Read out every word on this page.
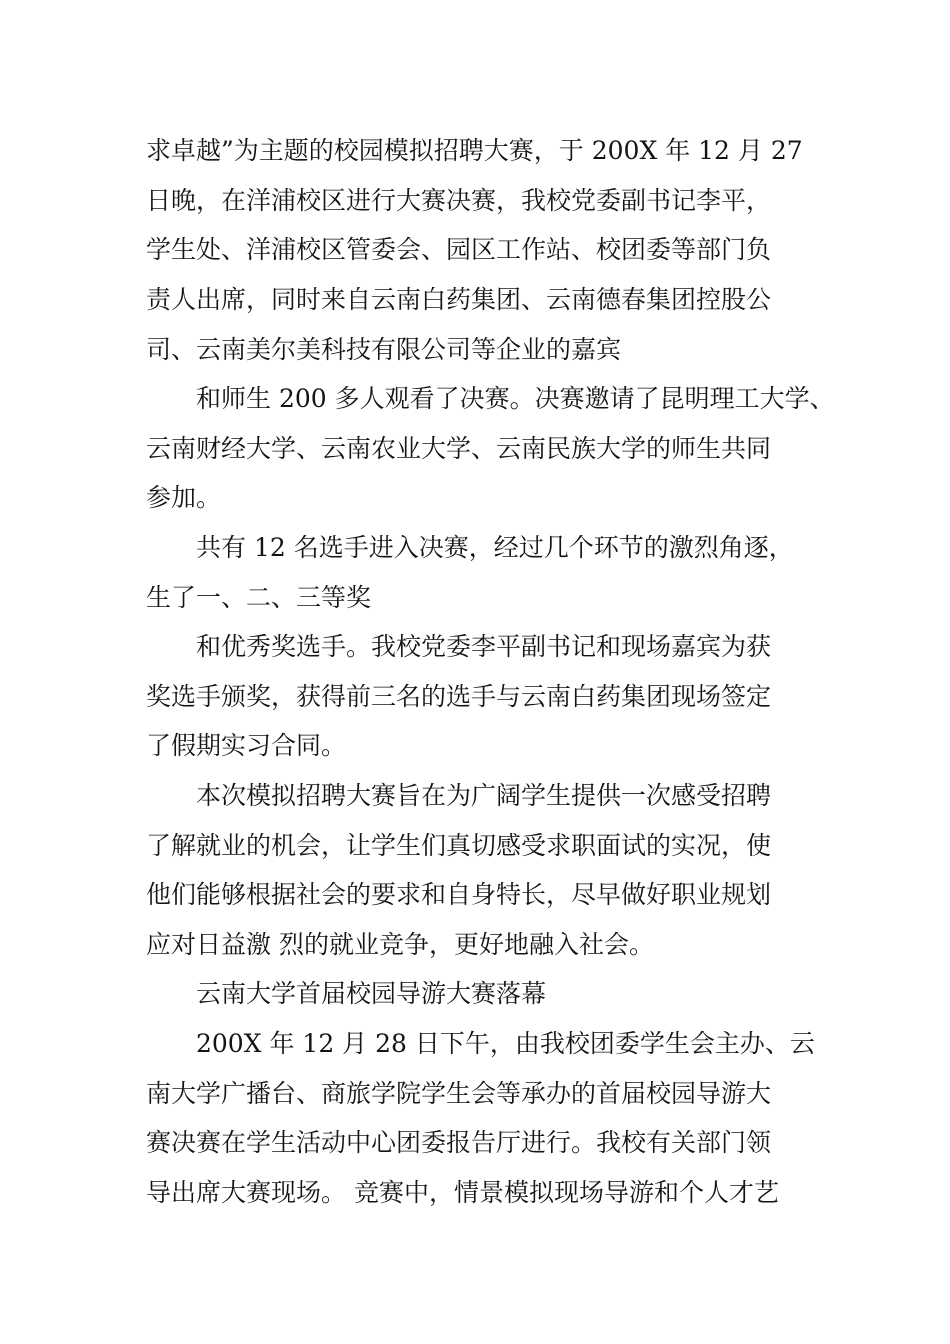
求卓越”为主题的校园模拟招聘大赛，于 200X 年 12 月 27
日晚，在洋浦校区进行大赛决赛，我校党委副书记李平，
学生处、洋浦校区管委会、园区工作站、校团委等部门负
责人出席，同时来自云南白药集团、云南德春集团控股公
司、云南美尔美科技有限公司等企业的嘉宾
和师生 200 多人观看了决赛。决赛邀请了昆明理工大学、
云南财经大学、云南农业大学、云南民族大学的师生共同
参加。
共有 12 名选手进入决赛，经过几个环节的激烈角逐，
生了一、二、三等奖
和优秀奖选手。我校党委李平副书记和现场嘉宾为获
奖选手颁奖，获得前三名的选手与云南白药集团现场签定
了假期实习合同。
本次模拟招聘大赛旨在为广阔学生提供一次感受招聘
了解就业的机会，让学生们真切感受求职面试的实况，使
他们能够根据社会的要求和自身特长，尽早做好职业规划
应对日益激 烈的就业竞争，更好地融入社会。
云南大学首届校园导游大赛落幕
200X 年 12 月 28 日下午，由我校团委学生会主办、云
南大学广播台、商旅学院学生会等承办的首届校园导游大
赛决赛在学生活动中心团委报告厅进行。我校有关部门领
导出席大赛现场。 竞赛中，情景模拟现场导游和个人才艺
